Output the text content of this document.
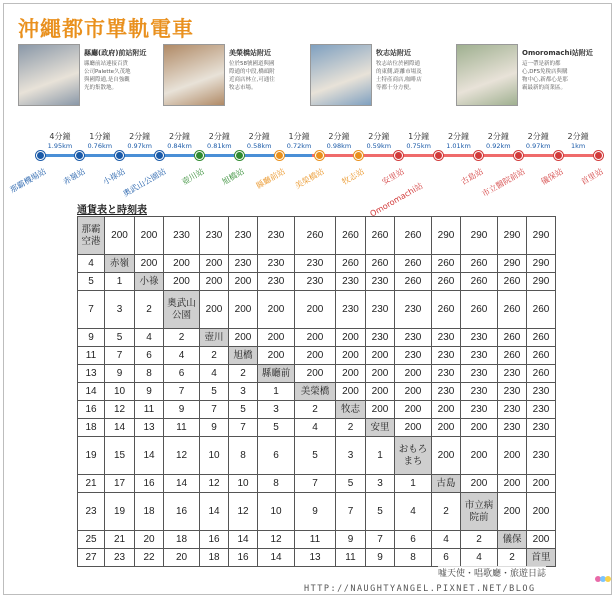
沖繩都市單軌電車
縣廳(政府)前站附近
縣廳前站連接百貨公司Palette久茂地與國際通,是自強觀光的集散地。
美榮橋站附近
位於58號國道與國際通的中段,橋頭附近商店林立,可通往牧志市場。
牧志站附近
牧志站位於國際通的東側,距離市場及土特產商店,咖啡店等都十分方便。
Omoromachi站附近
這一帶是新的都心,DFS免稅店與購物中心,新都心是那霸最新的商業區。
那霸機場站 赤嶺站 小祿站
奧武山公園站 壺川站 旭橋站 縣廳前站 美榮橋站 牧志站 安里站
Omoromachi站
古島站
市立醫院前站 儀保站 首里站
4分鐘
1.95km
1分鐘
0.76km
2分鐘
0.97km
2分鐘
0.84km
2分鐘
0.81km
2分鐘
0.58km
1分鐘
0.72km
2分鐘
0.98km
2分鐘
0.59km
1分鐘
0.75km
2分鐘
1.01km
2分鐘
0.92km
2分鐘
0.97km
2分鐘
1km
通貨表と時刻表
那霸
空港	200	200	230	230	230	230	260	260	260	260	290	290	290	290
4	赤嶺	200	200	200	230	230	230	260	260	260	260	260	290	290
5	1	小祿	200	200	200	230	230	230	230	260	260	260	260	290
7	3	2	奧武山
公園	200	200	200	200	230	230	230	260	260	260	260
9	5	4	2	壺川	200	200	200	200	230	230	230	230	260	260
11	7	6	4	2	旭橋	200	200	200	200	230	230	230	260	260
13	9	8	6	4	2	縣廳前	200	200	200	200	230	230	230	260
14	10	9	7	5	3	1	美榮橋	200	200	200	230	230	230	230
16	12	11	9	7	5	3	2	牧志	200	200	200	230	230	230
18	14	13	11	9	7	5	4	2	安里	200	200	200	230	230
19	15	14	12	10	8	6	5	3	1	おもろ
まち	200	200	200	230
21	17	16	14	12	10	8	7	5	3	1	古島	200	200	200
23	19	18	16	14	12	10	9	7	5	4	2	市立病
院前	200	200
25	21	20	18	16	14	12	11	9	7	6	4	2	儀保	200
27	23	22	20	18	16	14	13	11	9	8	6	4	2	首里
噓天使・唱歌廳・旅遊日誌
HTTP://NAUGHTYANGEL.PIXNET.NET/BLOG
